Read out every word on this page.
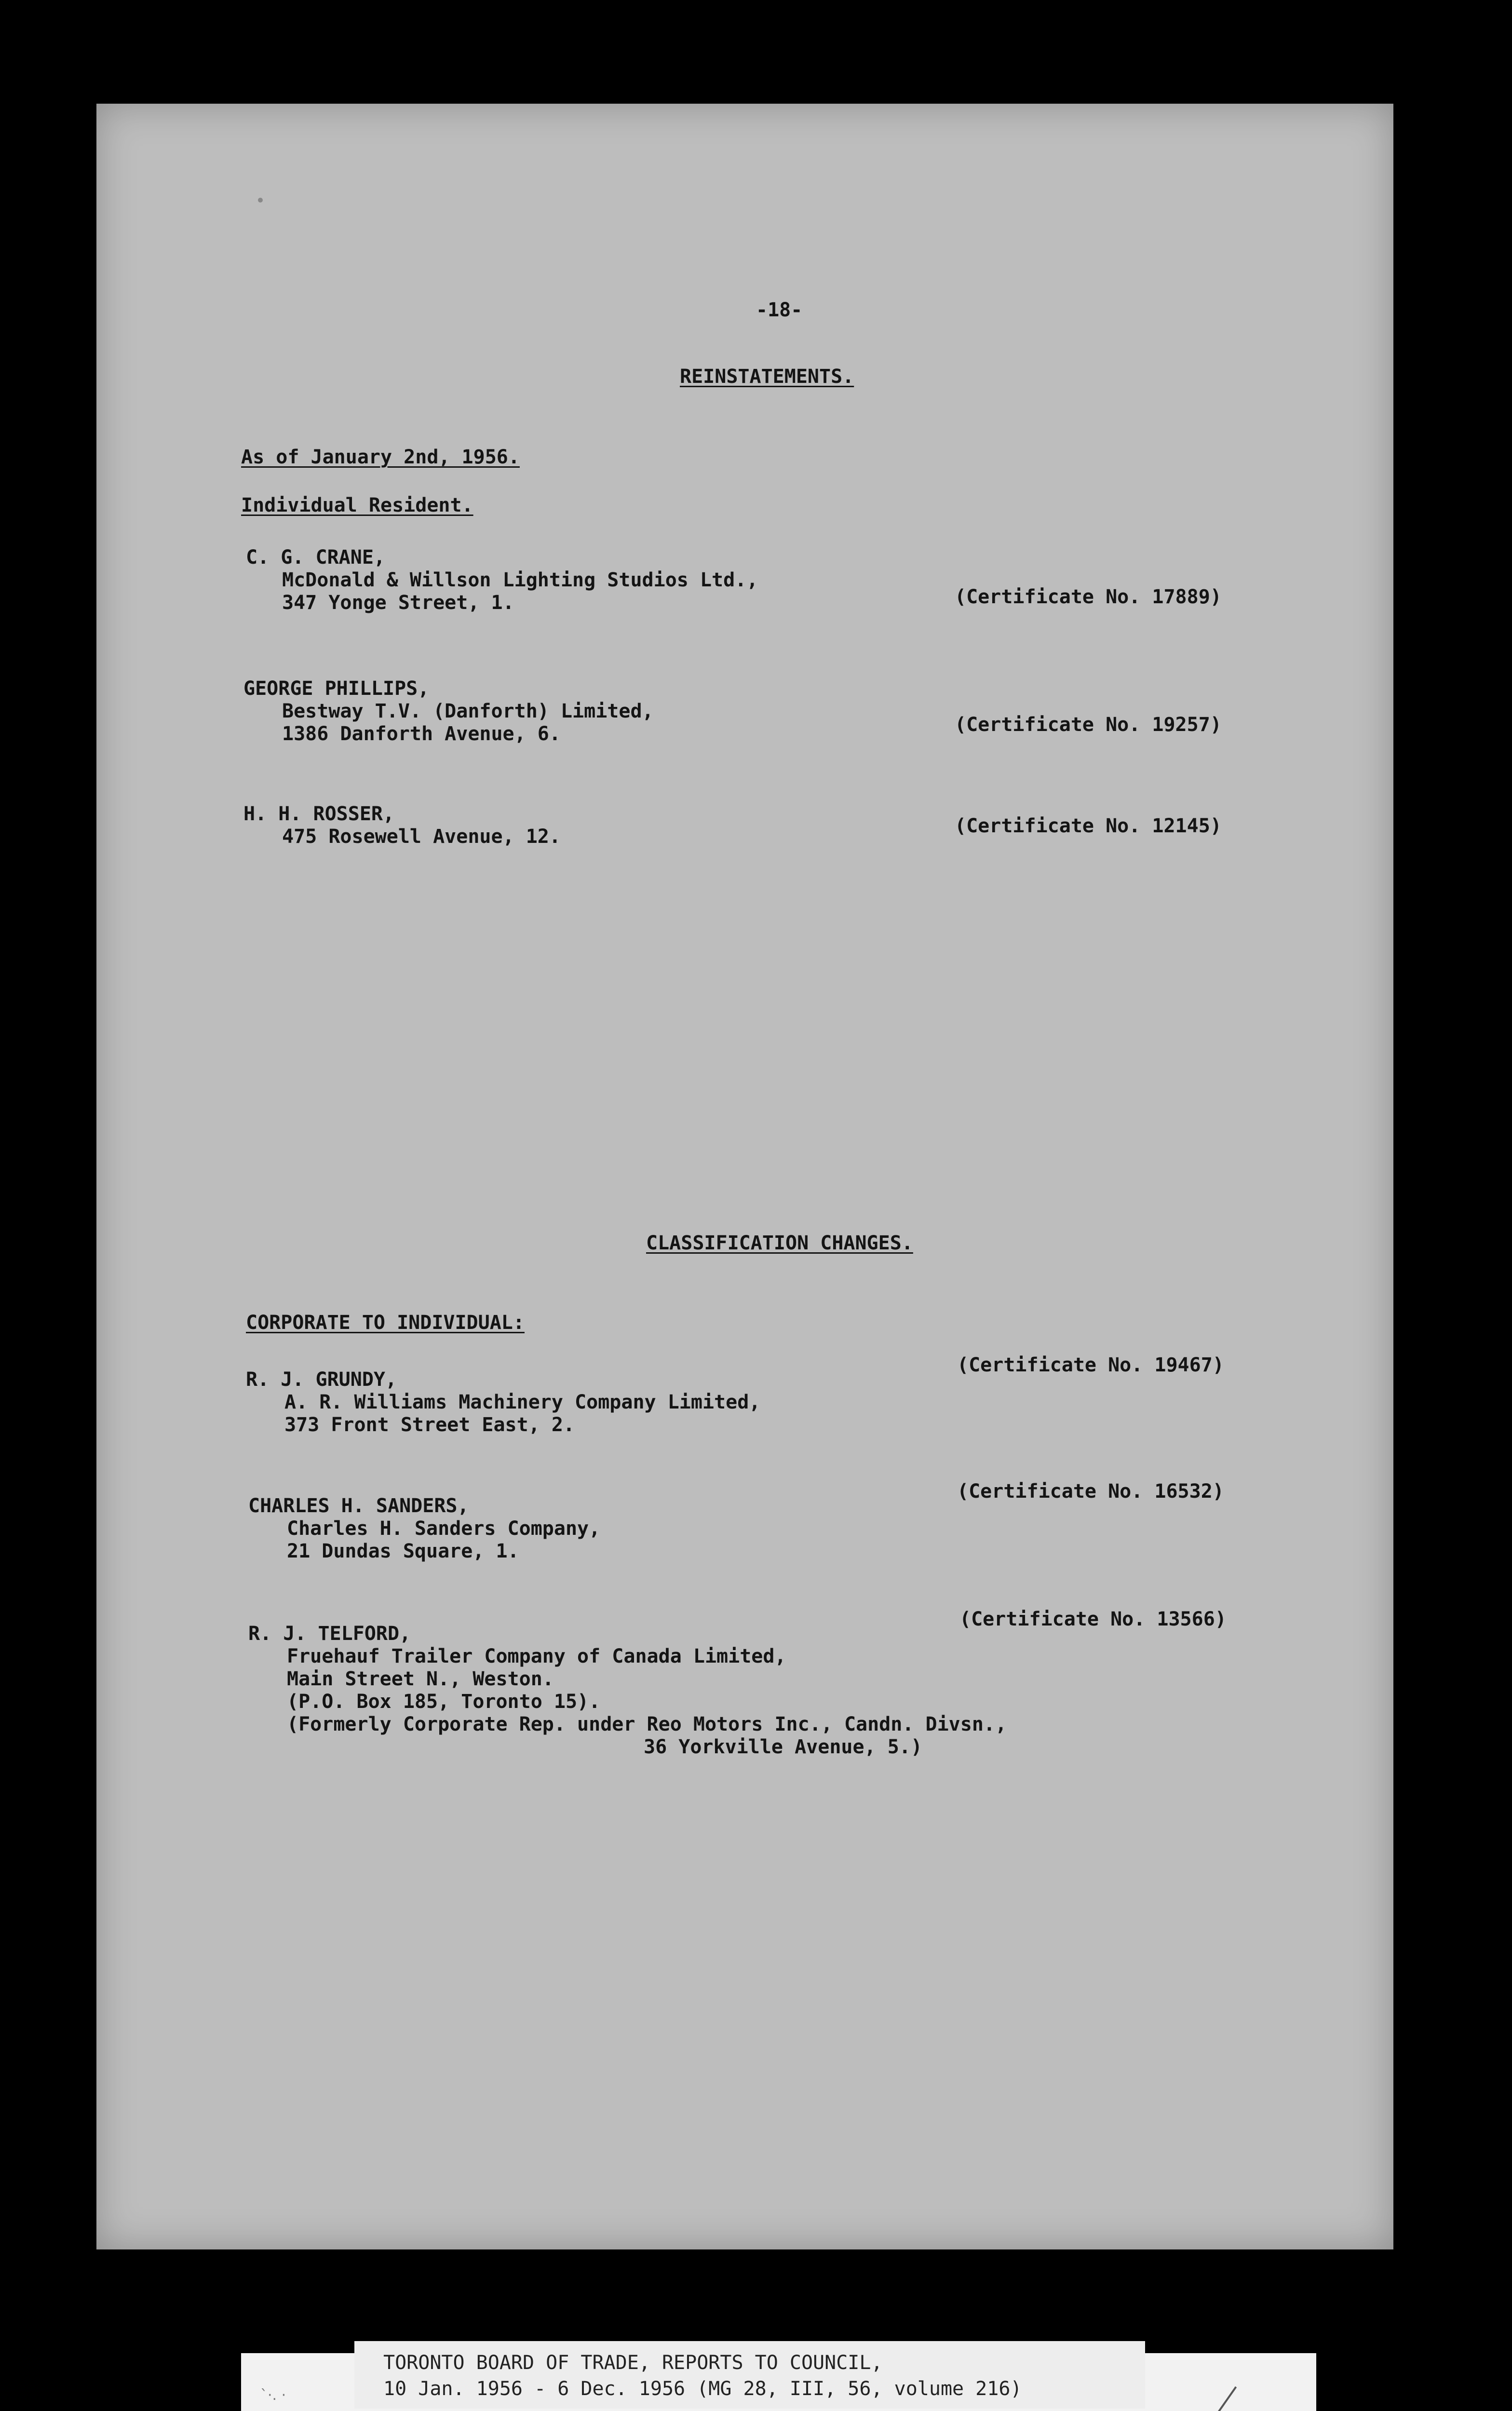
-18-
REINSTATEMENTS.
As of January 2nd, 1956.
Individual Resident.
C. G. CRANE,
McDonald & Willson Lighting Studios Ltd.,
347 Yonge Street, 1.	(Certificate No. 17889)
GEORGE PHILLIPS,
Bestway T.V. (Danforth) Limited,
1386 Danforth Avenue, 6.	(Certificate No. 19257)
H. H. ROSSER,
475 Rosewell Avenue, 12.	(Certificate No. 12145)
CLASSIFICATION CHANGES.
CORPORATE TO INDIVIDUAL:
R. J. GRUNDY,
A. R. Williams Machinery Company Limited,
373 Front Street East, 2.
(Certificate No. 19467)
CHARLES H. SANDERS,
Charles H. Sanders Company,
21 Dundas Square, 1.
(Certificate No. 16532)
R. J. TELFORD,
Fruehauf Trailer Company of Canada Limited,
Main Street N., Weston.
(P.O. Box 185, Toronto 15).
(Formerly Corporate Rep. under Reo Motors Inc., Candn. Divsn.,
36 Yorkville Avenue, 5.)
(Certificate No. 13566)
`·. ·
TORONTO BOARD OF TRADE, REPORTS TO COUNCIL,
10 Jan. 1956 - 6 Dec. 1956 (MG 28, III, 56, volume 216)
